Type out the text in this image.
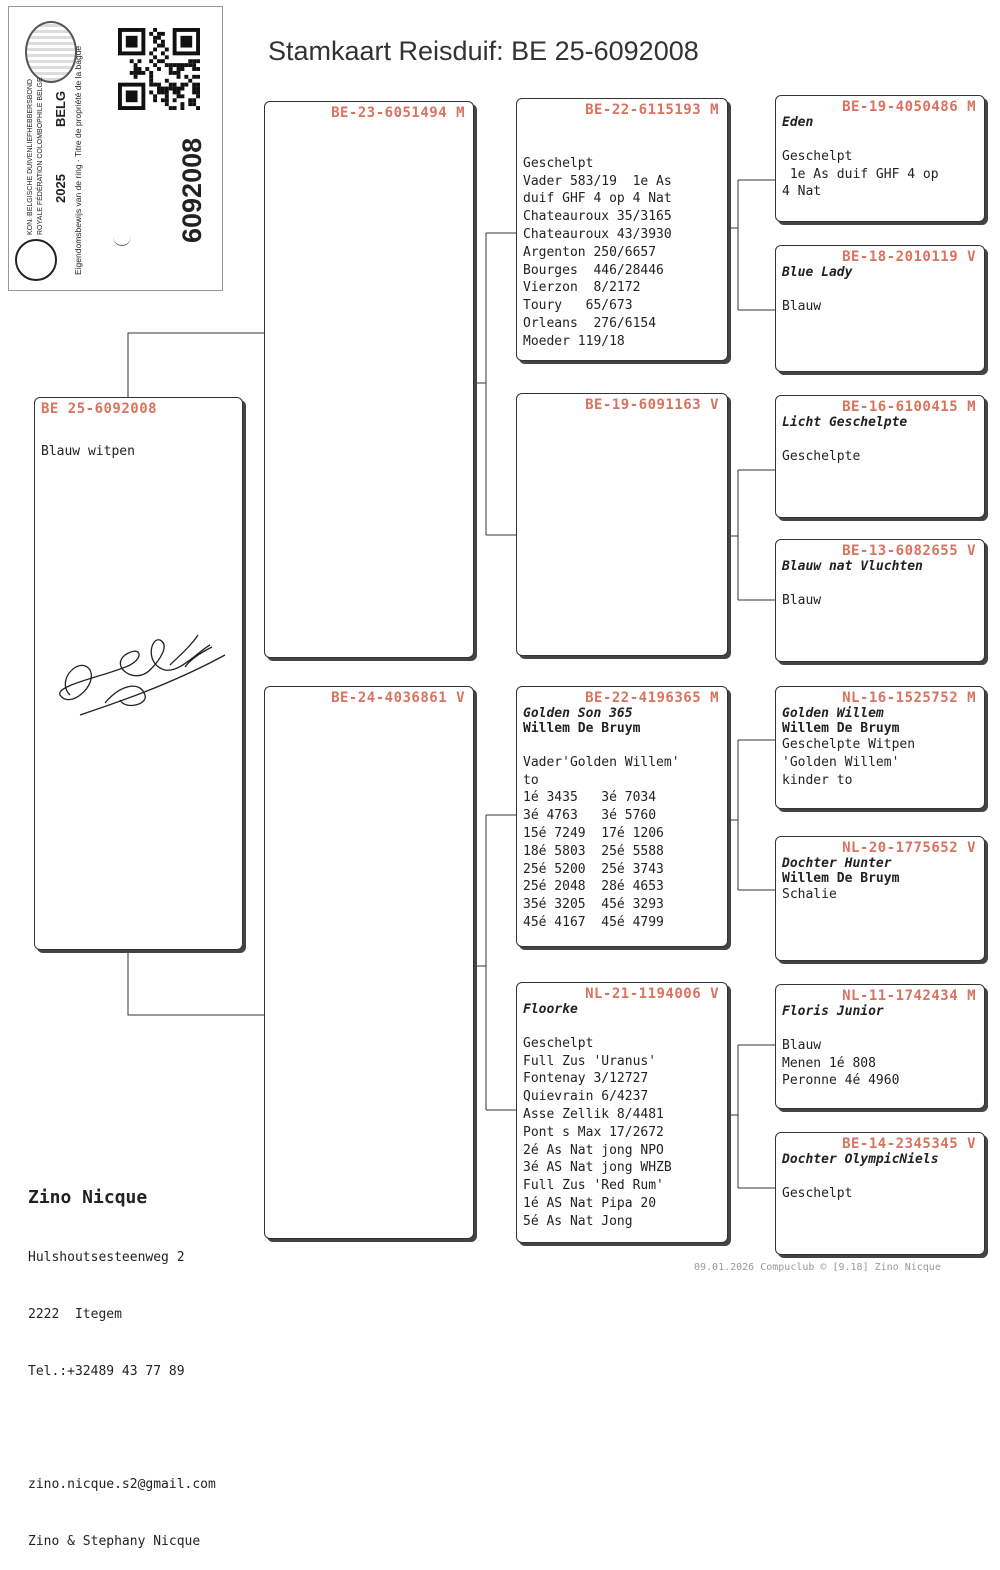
KON. BELGISCHE DUIVENLIEFHEBBERSBOND ROYALE FÉDÉRATION COLOMBOPHILE BELGE 2025
BELG Eigendomsbewijs van de ring · Titre de propriété de la bague	6092008
Stamkaart Reisduif: BE 25-6092008
BE 25-6092008
Blauw witpen
BE-23-6051494 M
BE-24-4036861 V
BE-22-6115193 M

Geschelpt
Vader 583/19  1e As
duif GHF 4 op 4 Nat
Chateauroux 35/3165
Chateauroux 43/3930
Argenton 250/6657
Bourges  446/28446
Vierzon  8/2172
Toury   65/673
Orleans  276/6154
Moeder 119/18
BE-19-6091163 V
BE-22-4196365 M
Golden Son 365
Willem De Bruym

Vader'Golden Willem'
to
1é 3435   3é 7034
3é 4763   3é 5760
15é 7249  17é 1206
18é 5803  25é 5588
25é 5200  25é 3743
25é 2048  28é 4653
35é 3205  45é 3293
45é 4167  45é 4799
NL-21-1194006 V
Floorke

Geschelpt
Full Zus 'Uranus'
Fontenay 3/12727
Quievrain 6/4237
Asse Zellik 8/4481
Pont s Max 17/2672
2é As Nat jong NPO
3é AS Nat jong WHZB
Full Zus 'Red Rum'
1é AS Nat Pipa 20
5é As Nat Jong
BE-19-4050486 M
Eden

Geschelpt
1e As duif GHF 4 op
4 Nat
BE-18-2010119 V
Blue Lady

Blauw
BE-16-6100415 M
Licht Geschelpte

Geschelpte
BE-13-6082655 V
Blauw nat Vluchten

Blauw
NL-16-1525752 M
Golden Willem
Willem De Bruym
Geschelpte Witpen
'Golden Willem'
kinder to
NL-20-1775652 V
Dochter Hunter
Willem De Bruym
Schalie
NL-11-1742434 M
Floris Junior

Blauw
Menen 1é 808
Peronne 4é 4960
BE-14-2345345 V
Dochter OlympicNiels

Geschelpt

Zino Nicque

Hulshoutsesteenweg 2

2222  Itegem

Tel.:+32489 43 77 89

zino.nicque.s2@gmail.com

Zino & Stephany Nicque

09.01.2026 Compuclub © [9.18] Zino Nicque
